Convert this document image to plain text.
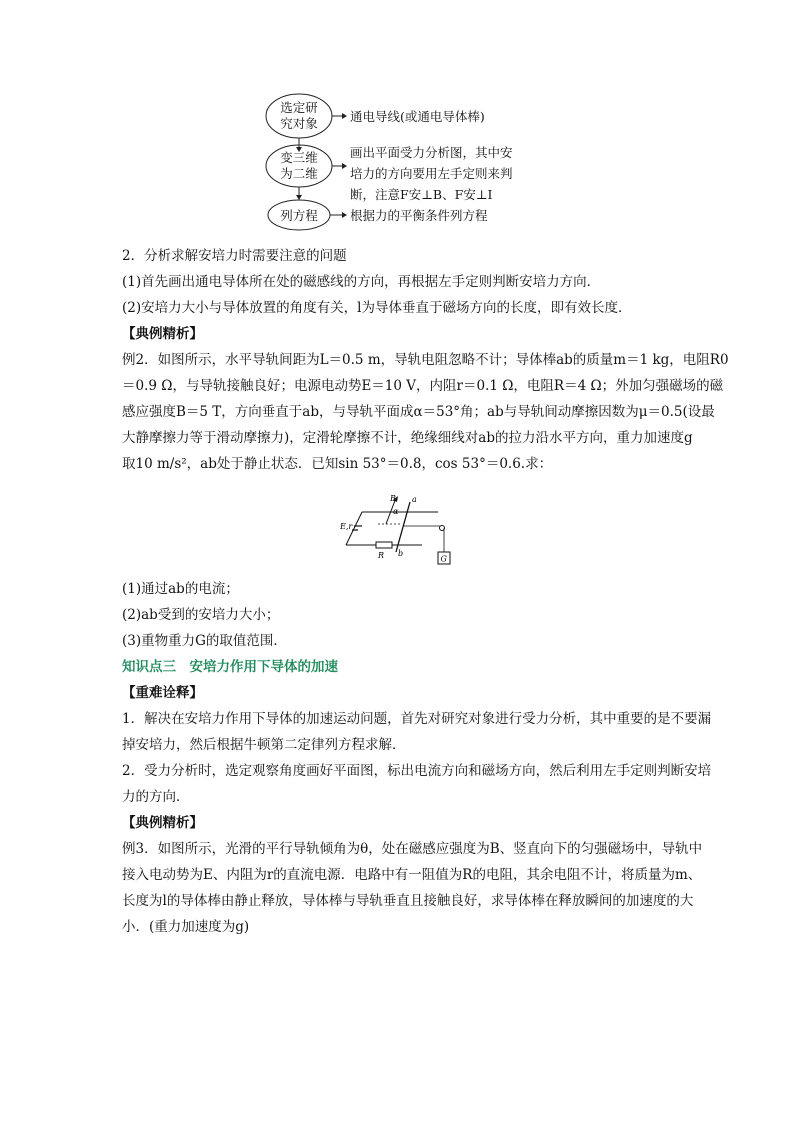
选定研
究对象
变三维
为二维
列方程
通电导线(或通电导体棒)
画出平面受力分析图，其中安
培力的方向要用左手定则来判
断，注意F安⊥B、F安⊥I
根据力的平衡条件列方程
2．分析求解安培力时需要注意的问题
(1)首先画出通电导体所在处的磁感线的方向，再根据左手定则判断安培力方向．
(2)安培力大小与导体放置的角度有关，l为导体垂直于磁场方向的长度，即有效长度．
【典例精析】
例2．如图所示，水平导轨间距为L＝0.5 m，导轨电阻忽略不计；导体棒ab的质量m＝1 kg，电阻R0
＝0.9 Ω，与导轨接触良好；电源电动势E＝10 V，内阻r＝0.1 Ω，电阻R＝4 Ω；外加匀强磁场的磁
感应强度B＝5 T，方向垂直于ab，与导轨平面成α＝53°角；ab与导轨间动摩擦因数为μ＝0.5(设最
大静摩擦力等于滑动摩擦力)，定滑轮摩擦不计，绝缘细线对ab的拉力沿水平方向，重力加速度g
取10 m/s²，ab处于静止状态．已知sin 53°＝0.8，cos 53°＝0.6.求：
E,r
R
a
b
B
α
G
(1)通过ab的电流；
(2)ab受到的安培力大小；
(3)重物重力G的取值范围．
知识点三　安培力作用下导体的加速
【重难诠释】
1．解决在安培力作用下导体的加速运动问题，首先对研究对象进行受力分析，其中重要的是不要漏
掉安培力，然后根据牛顿第二定律列方程求解．
2．受力分析时，选定观察角度画好平面图，标出电流方向和磁场方向，然后利用左手定则判断安培
力的方向．
【典例精析】
例3．如图所示，光滑的平行导轨倾角为θ，处在磁感应强度为B、竖直向下的匀强磁场中，导轨中
接入电动势为E、内阻为r的直流电源．电路中有一阻值为R的电阻，其余电阻不计，将质量为m、
长度为l的导体棒由静止释放，导体棒与导轨垂直且接触良好，求导体棒在释放瞬间的加速度的大
小．(重力加速度为g)
